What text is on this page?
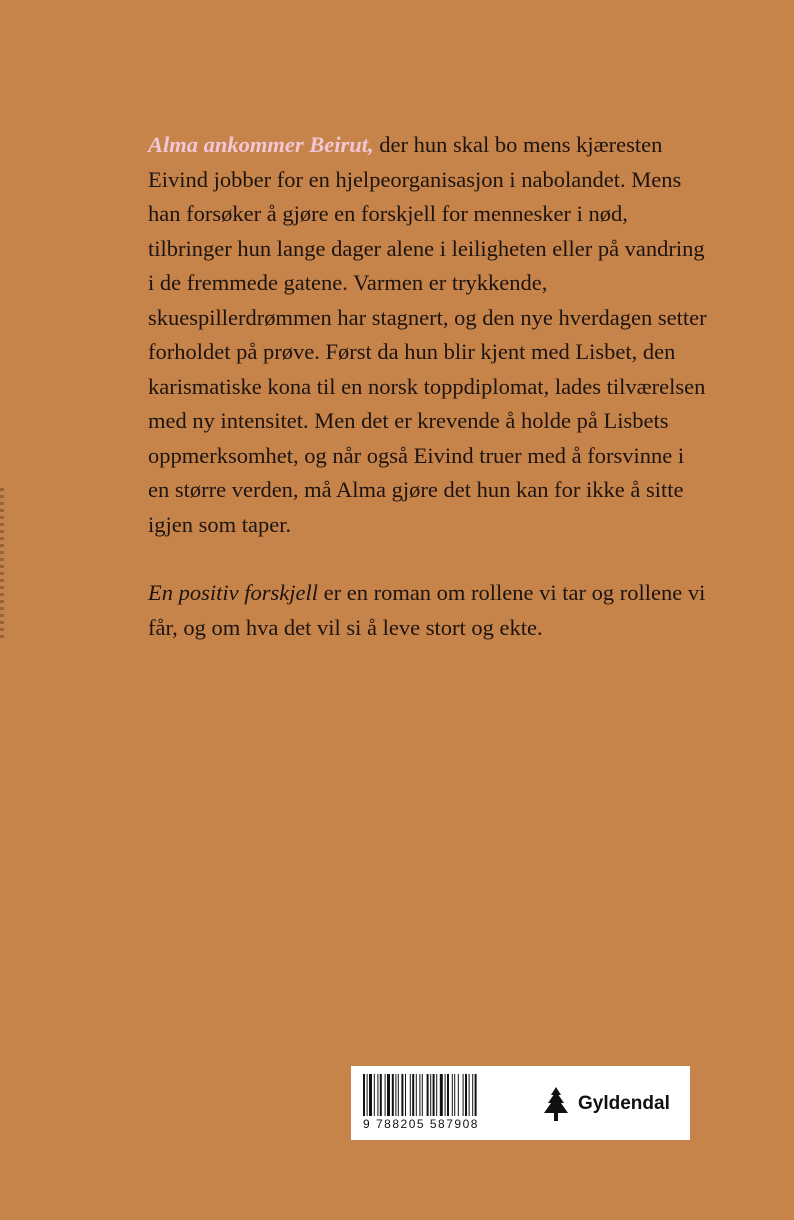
Alma ankommer Beirut, der hun skal bo mens kjæresten Eivind jobber for en hjelpeorganisasjon i nabolandet. Mens han forsøker å gjøre en forskjell for mennesker i nød, tilbringer hun lange dager alene i leiligheten eller på vandring i de fremmede gatene. Varmen er trykkende, skuespillerdrømmen har stagnert, og den nye hverdagen setter forholdet på prøve. Først da hun blir kjent med Lisbet, den karismatiske kona til en norsk toppdiplomat, lades tilværelsen med ny intensitet. Men det er krevende å holde på Lisbets oppmerksomhet, og når også Eivind truer med å forsvinne i en større verden, må Alma gjøre det hun kan for ikke å sitte igjen som taper.

En positiv forskjell er en roman om rollene vi tar og rollene vi får, og om hva det vil si å leve stort og ekte.

9 788205 587908
Gyldendal
